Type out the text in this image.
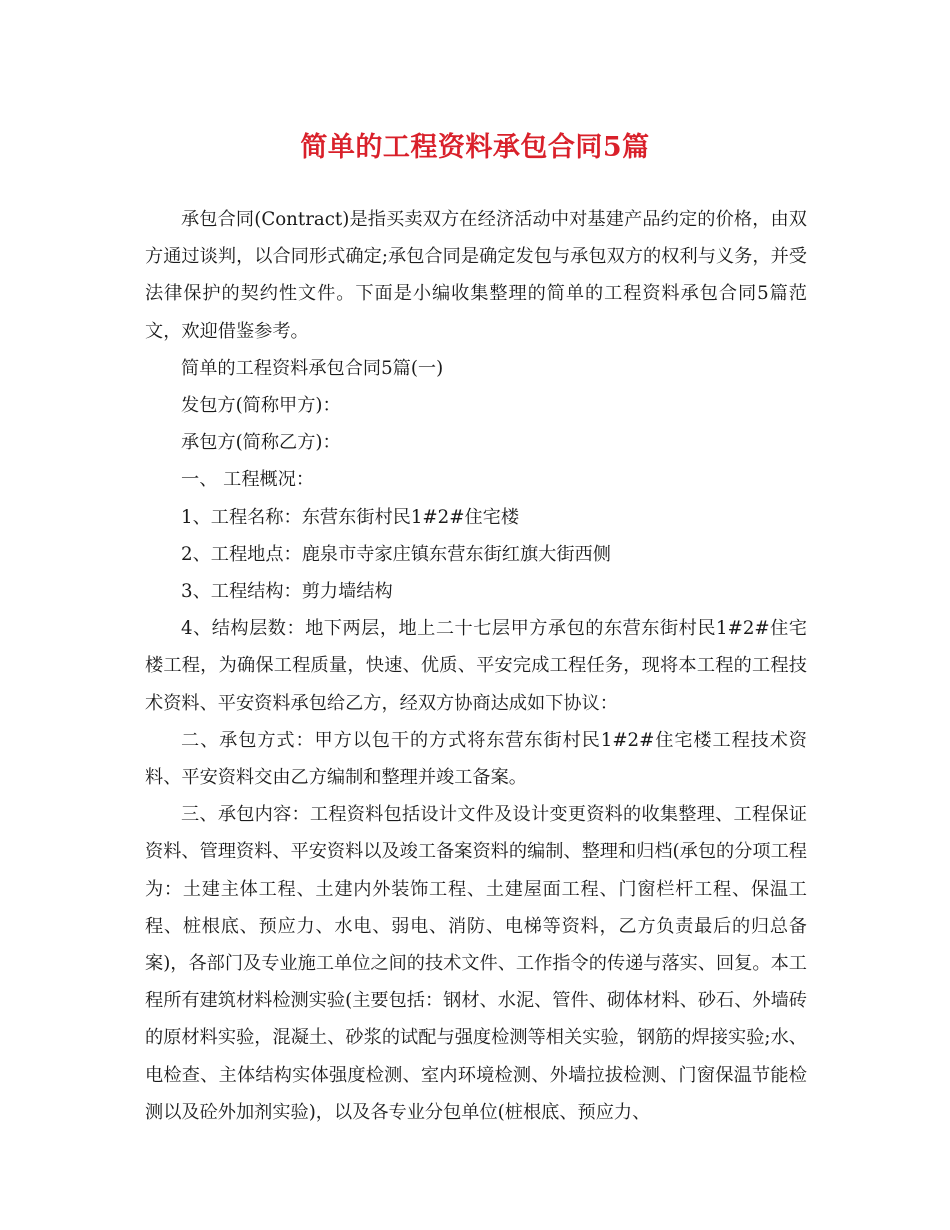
简单的工程资料承包合同5篇

承包合同(Contract)是指买卖双方在经济活动中对基建产品约定的价格，由双方通过谈判，以合同形式确定;承包合同是确定发包与承包双方的权利与义务，并受法律保护的契约性文件。下面是小编收集整理的简单的工程资料承包合同5篇范文，欢迎借鉴参考。

简单的工程资料承包合同5篇(一)

发包方(简称甲方)：

承包方(简称乙方)：

一、 工程概况：

1、工程名称：东营东街村民1#2#住宅楼

2、工程地点：鹿泉市寺家庄镇东营东街红旗大街西侧

3、工程结构：剪力墙结构

4、结构层数：地下两层，地上二十七层甲方承包的东营东街村民1#2#住宅楼工程，为确保工程质量，快速、优质、平安完成工程任务，现将本工程的工程技术资料、平安资料承包给乙方，经双方协商达成如下协议：

二、承包方式：甲方以包干的方式将东营东街村民1#2#住宅楼工程技术资料、平安资料交由乙方编制和整理并竣工备案。

三、承包内容：工程资料包括设计文件及设计变更资料的收集整理、工程保证资料、管理资料、平安资料以及竣工备案资料的编制、整理和归档(承包的分项工程为：土建主体工程、土建内外装饰工程、土建屋面工程、门窗栏杆工程、保温工程、桩根底、预应力、水电、弱电、消防、电梯等资料，乙方负责最后的归总备案)，各部门及专业施工单位之间的技术文件、工作指令的传递与落实、回复。本工程所有建筑材料检测实验(主要包括：钢材、水泥、管件、砌体材料、砂石、外墙砖的原材料实验，混凝土、砂浆的试配与强度检测等相关实验，钢筋的焊接实验;水、电检查、主体结构实体强度检测、室内环境检测、外墙拉拔检测、门窗保温节能检测以及砼外加剂实验)，以及各专业分包单位(桩根底、预应力、
